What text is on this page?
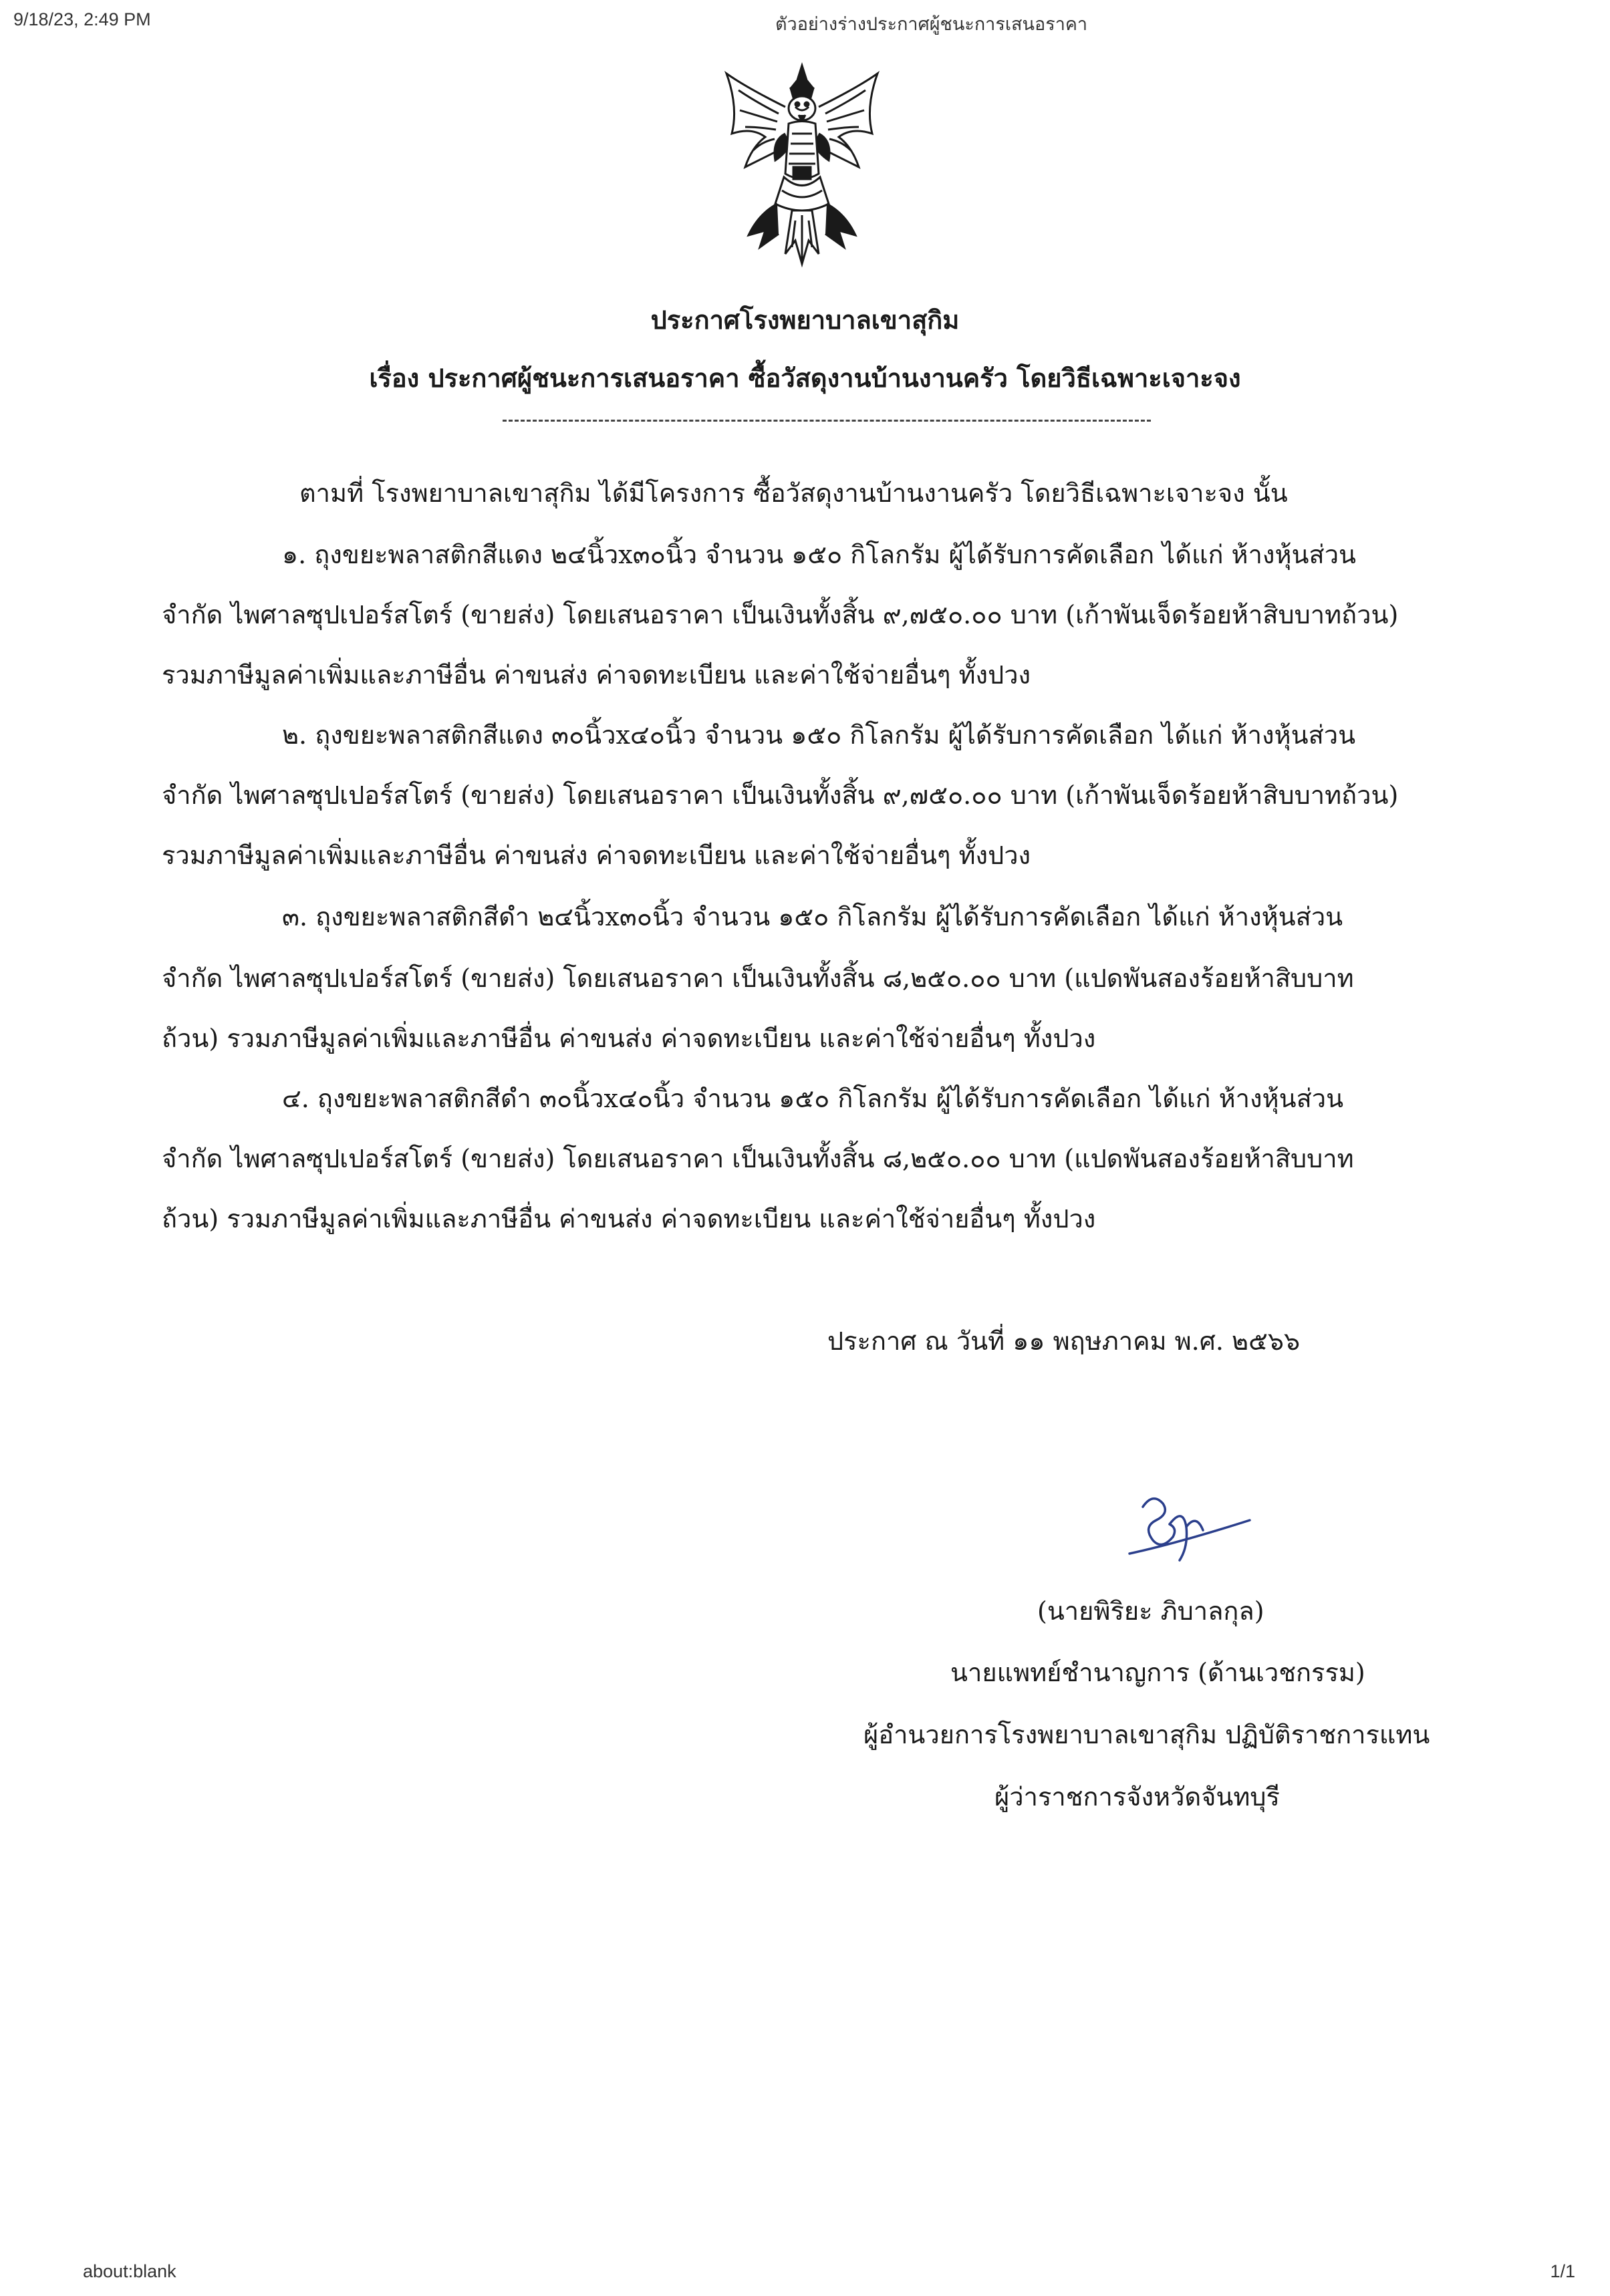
9/18/23, 2:49 PM	ตัวอย่างร่างประกาศผู้ชนะการเสนอราคา
ประกาศโรงพยาบาลเขาสุกิม
เรื่อง ประกาศผู้ชนะการเสนอราคา ซื้อวัสดุงานบ้านงานครัว โดยวิธีเฉพาะเจาะจง
ตามที่ โรงพยาบาลเขาสุกิม ได้มีโครงการ ซื้อวัสดุงานบ้านงานครัว โดยวิธีเฉพาะเจาะจง นั้น
๑. ถุงขยะพลาสติกสีแดง ๒๔นิ้วx๓๐นิ้ว จำนวน ๑๕๐ กิโลกรัม ผู้ได้รับการคัดเลือก ได้แก่ ห้างหุ้นส่วน
จำกัด ไพศาลซุปเปอร์สโตร์ (ขายส่ง) โดยเสนอราคา เป็นเงินทั้งสิ้น ๙,๗๕๐.๐๐ บาท (เก้าพันเจ็ดร้อยห้าสิบบาทถ้วน)
รวมภาษีมูลค่าเพิ่มและภาษีอื่น ค่าขนส่ง ค่าจดทะเบียน และค่าใช้จ่ายอื่นๆ ทั้งปวง
๒. ถุงขยะพลาสติกสีแดง ๓๐นิ้วx๔๐นิ้ว จำนวน ๑๕๐ กิโลกรัม ผู้ได้รับการคัดเลือก ได้แก่ ห้างหุ้นส่วน
จำกัด ไพศาลซุปเปอร์สโตร์ (ขายส่ง) โดยเสนอราคา เป็นเงินทั้งสิ้น ๙,๗๕๐.๐๐ บาท (เก้าพันเจ็ดร้อยห้าสิบบาทถ้วน)
รวมภาษีมูลค่าเพิ่มและภาษีอื่น ค่าขนส่ง ค่าจดทะเบียน และค่าใช้จ่ายอื่นๆ ทั้งปวง
๓. ถุงขยะพลาสติกสีดำ ๒๔นิ้วx๓๐นิ้ว จำนวน ๑๕๐ กิโลกรัม ผู้ได้รับการคัดเลือก ได้แก่ ห้างหุ้นส่วน
จำกัด ไพศาลซุปเปอร์สโตร์ (ขายส่ง) โดยเสนอราคา เป็นเงินทั้งสิ้น ๘,๒๕๐.๐๐ บาท (แปดพันสองร้อยห้าสิบบาท
ถ้วน) รวมภาษีมูลค่าเพิ่มและภาษีอื่น ค่าขนส่ง ค่าจดทะเบียน และค่าใช้จ่ายอื่นๆ ทั้งปวง
๔. ถุงขยะพลาสติกสีดำ ๓๐นิ้วx๔๐นิ้ว จำนวน ๑๕๐ กิโลกรัม ผู้ได้รับการคัดเลือก ได้แก่ ห้างหุ้นส่วน
จำกัด ไพศาลซุปเปอร์สโตร์ (ขายส่ง) โดยเสนอราคา เป็นเงินทั้งสิ้น ๘,๒๕๐.๐๐ บาท (แปดพันสองร้อยห้าสิบบาท
ถ้วน) รวมภาษีมูลค่าเพิ่มและภาษีอื่น ค่าขนส่ง ค่าจดทะเบียน และค่าใช้จ่ายอื่นๆ ทั้งปวง
ประกาศ ณ วันที่ ๑๑ พฤษภาคม พ.ศ. ๒๕๖๖
(นายพิริยะ ภิบาลกุล)
นายแพทย์ชำนาญการ (ด้านเวชกรรม)
ผู้อำนวยการโรงพยาบาลเขาสุกิม ปฏิบัติราชการแทน
ผู้ว่าราชการจังหวัดจันทบุรี
about:blank	1/1
